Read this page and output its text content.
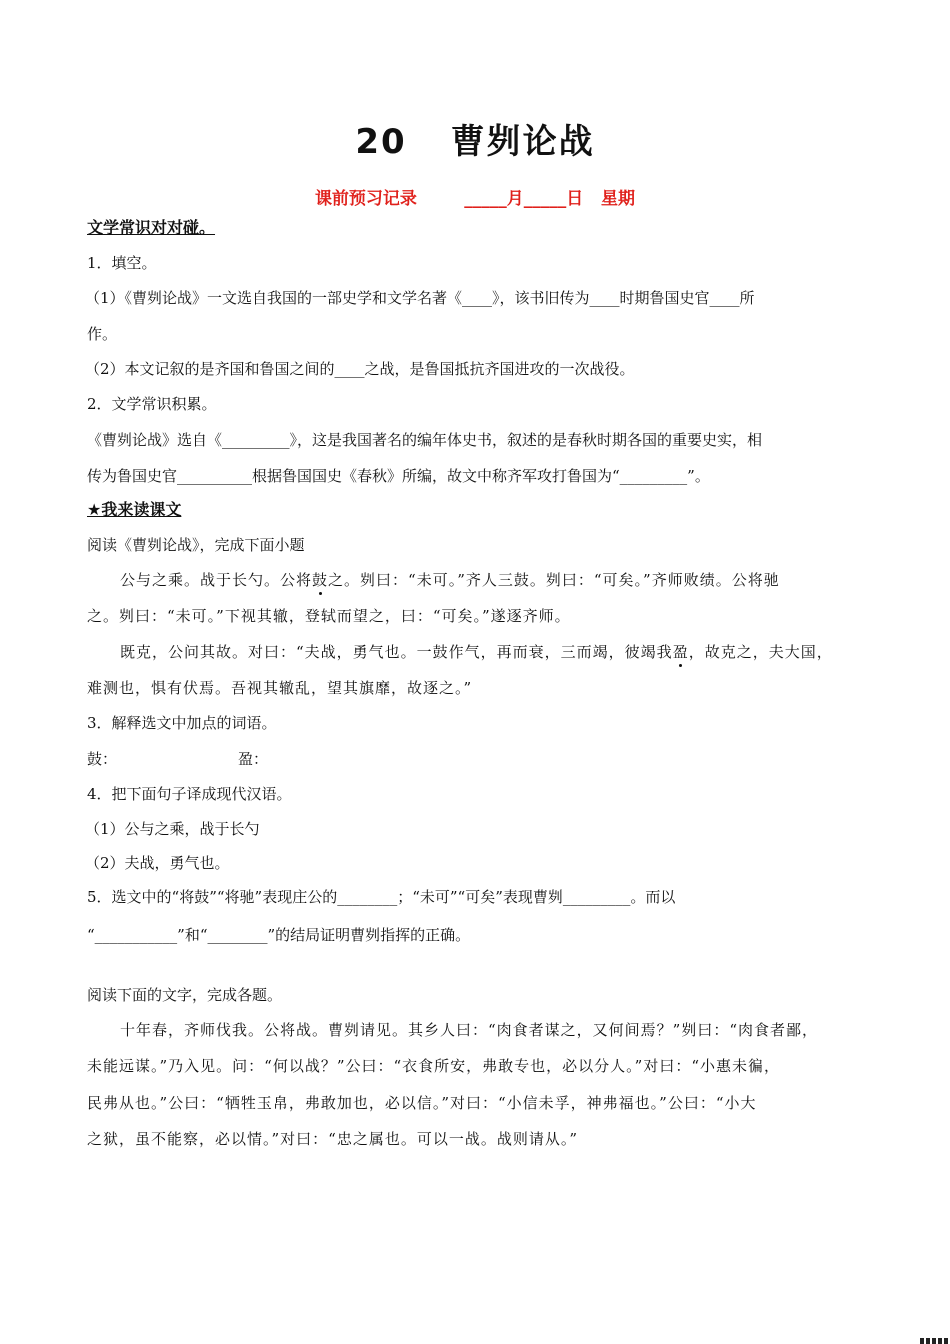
20 曹刿论战
课前预习记录        _____月_____日   星期
文学常识对对碰。
1．填空。
（1）《曹刿论战》一文选自我国的一部史学和文学名著《____》，该书旧传为____时期鲁国史官____所
作。
（2）本文记叙的是齐国和鲁国之间的____之战，是鲁国抵抗齐国进攻的一次战役。
2．文学常识积累。
《曹刿论战》选自《_________》，这是我国著名的编年体史书，叙述的是春秋时期各国的重要史实，相
传为鲁国史官__________根据鲁国国史《春秋》所编，故文中称齐军攻打鲁国为“_________”。
★我来读课文
阅读《曹刿论战》，完成下面小题
公与之乘。战于长勺。公将鼓之。刿曰：“未可。”齐人三鼓。刿曰：“可矣。”齐师败绩。公将驰
之。刿曰：“未可。”下视其辙，登轼而望之，曰：“可矣。”遂逐齐师。
既克，公问其故。对曰：“夫战，勇气也。一鼓作气，再而衰，三而竭，彼竭我盈，故克之，夫大国，
难测也，惧有伏焉。吾视其辙乱，望其旗靡，故逐之。”
3．解释选文中加点的词语。
鼓：	盈：
4．把下面句子译成现代汉语。
（1）公与之乘，战于长勺
（2）夫战，勇气也。
5．选文中的“将鼓”“将驰”表现庄公的________；“未可”“可矣”表现曹刿_________。而以
“___________”和“________”的结局证明曹刿指挥的正确。
阅读下面的文字，完成各题。
十年春，齐师伐我。公将战。曹刿请见。其乡人曰：“肉食者谋之，又何间焉？”刿曰：“肉食者鄙，
未能远谋。”乃入见。问：“何以战？”公曰：“衣食所安，弗敢专也，必以分人。”对曰：“小惠未徧，
民弗从也。”公曰：“牺牲玉帛，弗敢加也，必以信。”对曰：“小信未孚，神弗福也。”公曰：“小大
之狱，虽不能察，必以情。”对曰：“忠之属也。可以一战。战则请从。”
